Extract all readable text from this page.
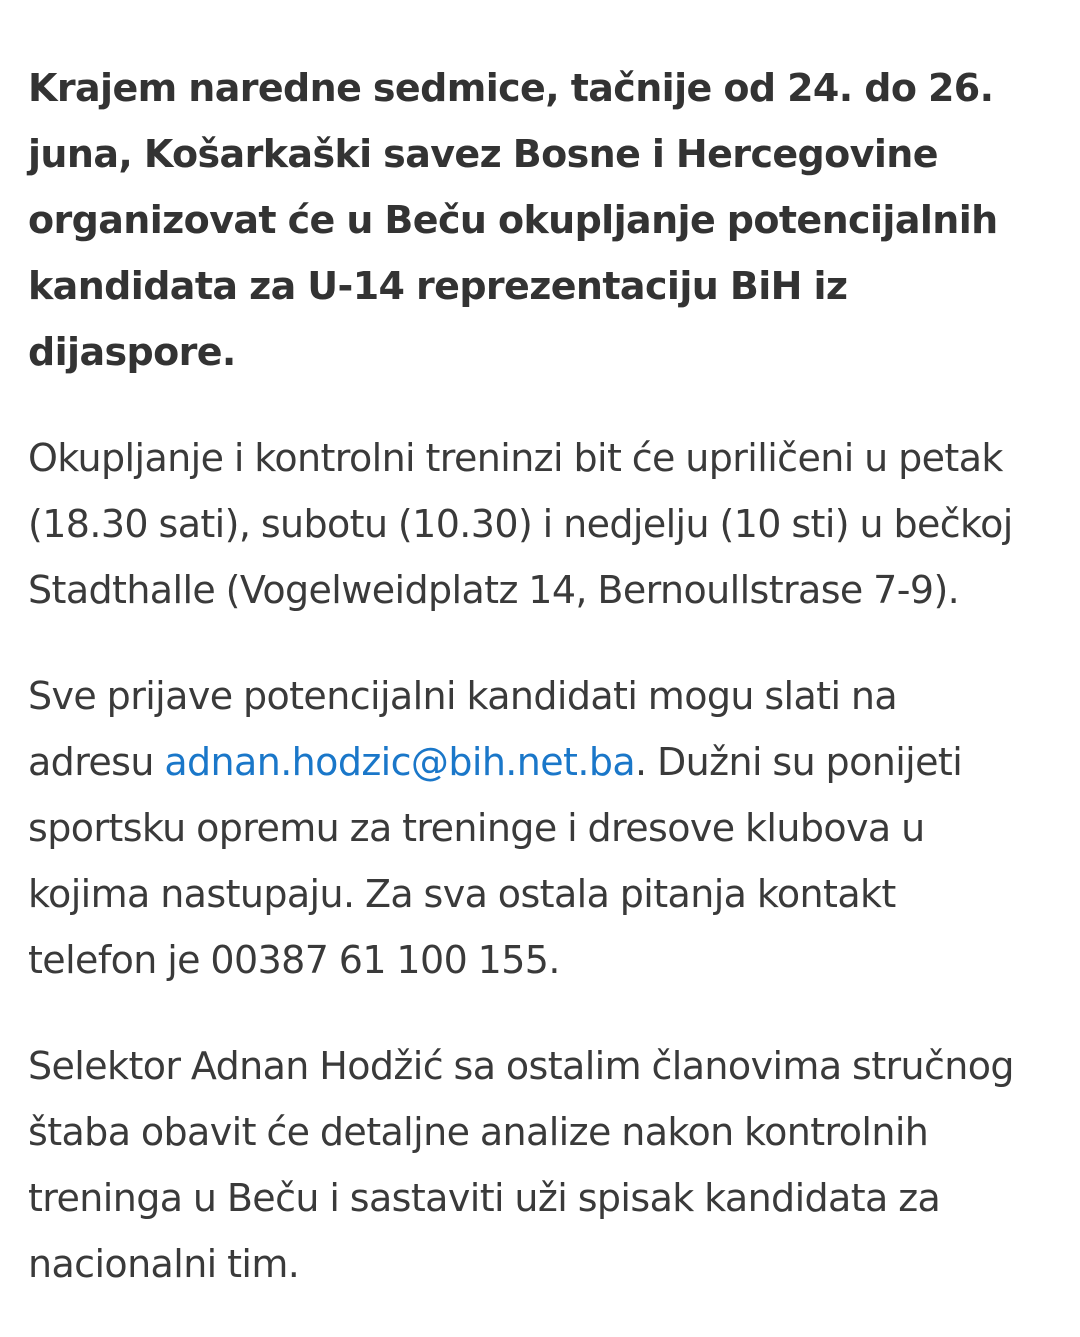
Krajem naredne sedmice, tačnije od 24. do 26. juna, Košarkaški savez Bosne i Hercegovine organizovat će u Beču okupljanje potencijalnih kandidata za U-14 reprezentaciju BiH iz dijaspore.

Okupljanje i kontrolni treninzi bit će upriličeni u petak (18.30 sati), subotu (10.30) i nedjelju (10 sti) u bečkoj Stadthalle (Vogelweidplatz 14, Bernoullstrase 7-9).

Sve prijave potencijalni kandidati mogu slati na adresu adnan.hodzic@bih.net.ba. Dužni su ponijeti sportsku opremu za treninge i dresove klubova u kojima nastupaju. Za sva ostala pitanja kontakt telefon je 00387 61 100 155.

Selektor Adnan Hodžić sa ostalim članovima stručnog štaba obavit će detaljne analize nakon kontrolnih treninga u Beču i sastaviti uži spisak kandidata za nacionalni tim.
